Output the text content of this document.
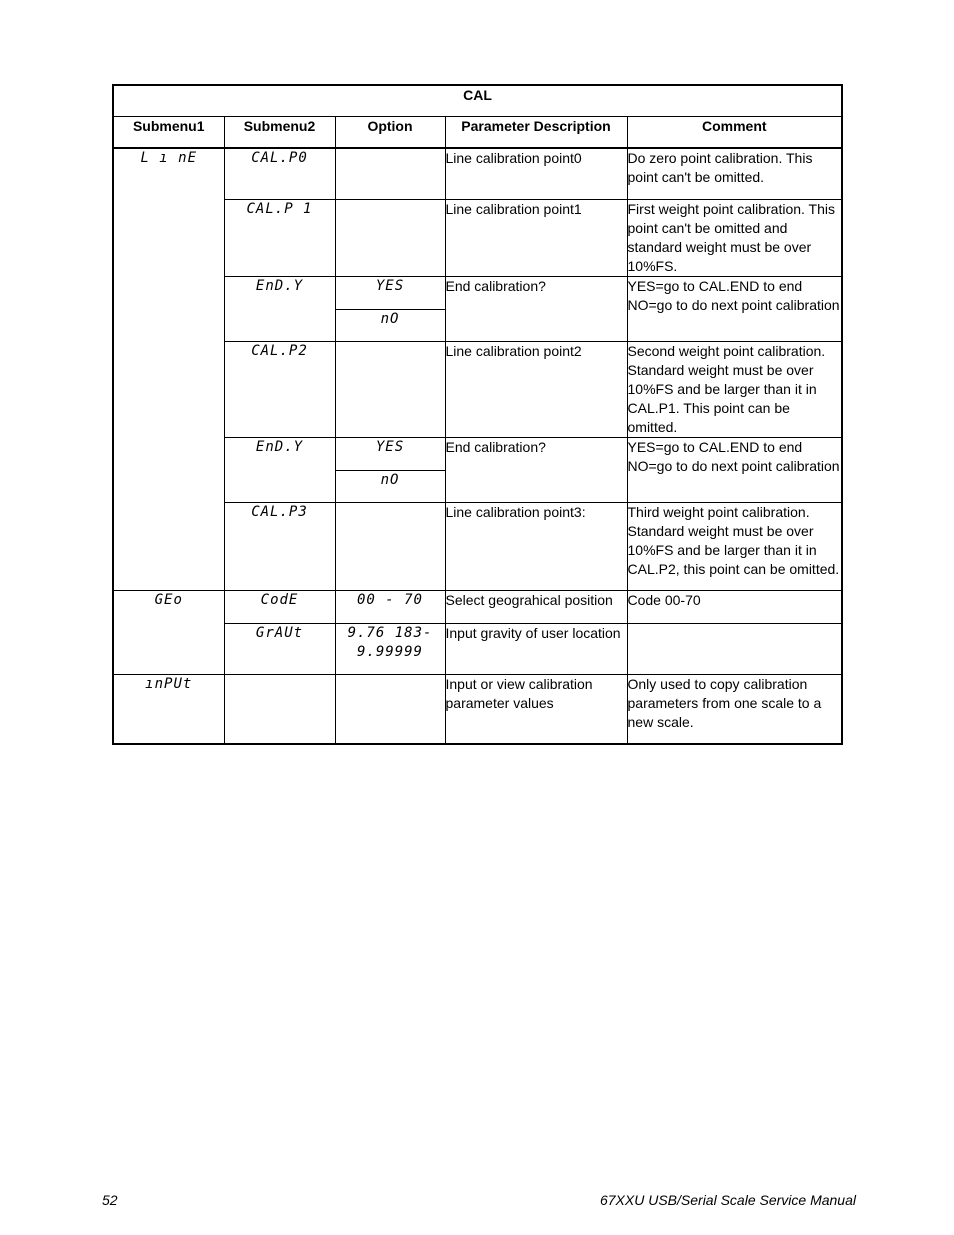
CAL				
Submenu1	Submenu2	Option	Parameter Description	Comment
L ı nE	CAL.P0		Line calibration point0	Do zero point calibration. This point can't be omitted.
	CAL.P 1		Line calibration point1	First weight point calibration. This point can't be omitted and standard weight must be over 10%FS.
	EnD.Y	YES	End calibration?	YES=go to CAL.END to end NO=go to do next point calibration
		nO		
	CAL.P2		Line calibration point2	Second weight point calibration. Standard weight must be over 10%FS and be larger than it in CAL.P1. This point can be omitted.
	EnD.Y	YES	End calibration?	YES=go to CAL.END to end NO=go to do next point calibration
		nO		
	CAL.P3		Line calibration point3:	Third weight point calibration. Standard weight must be over 10%FS and be larger than it in CAL.P2, this point can be omitted.
GEo	CodE	00 - 70	Select geograhical position	Code 00-70
	GrAUt	9.76 183- 9.99999	Input gravity of user location	
ınPUt			Input or view calibration parameter values	Only used to copy calibration parameters from one scale to a new scale.
52	67XXU USB/Serial Scale Service Manual
